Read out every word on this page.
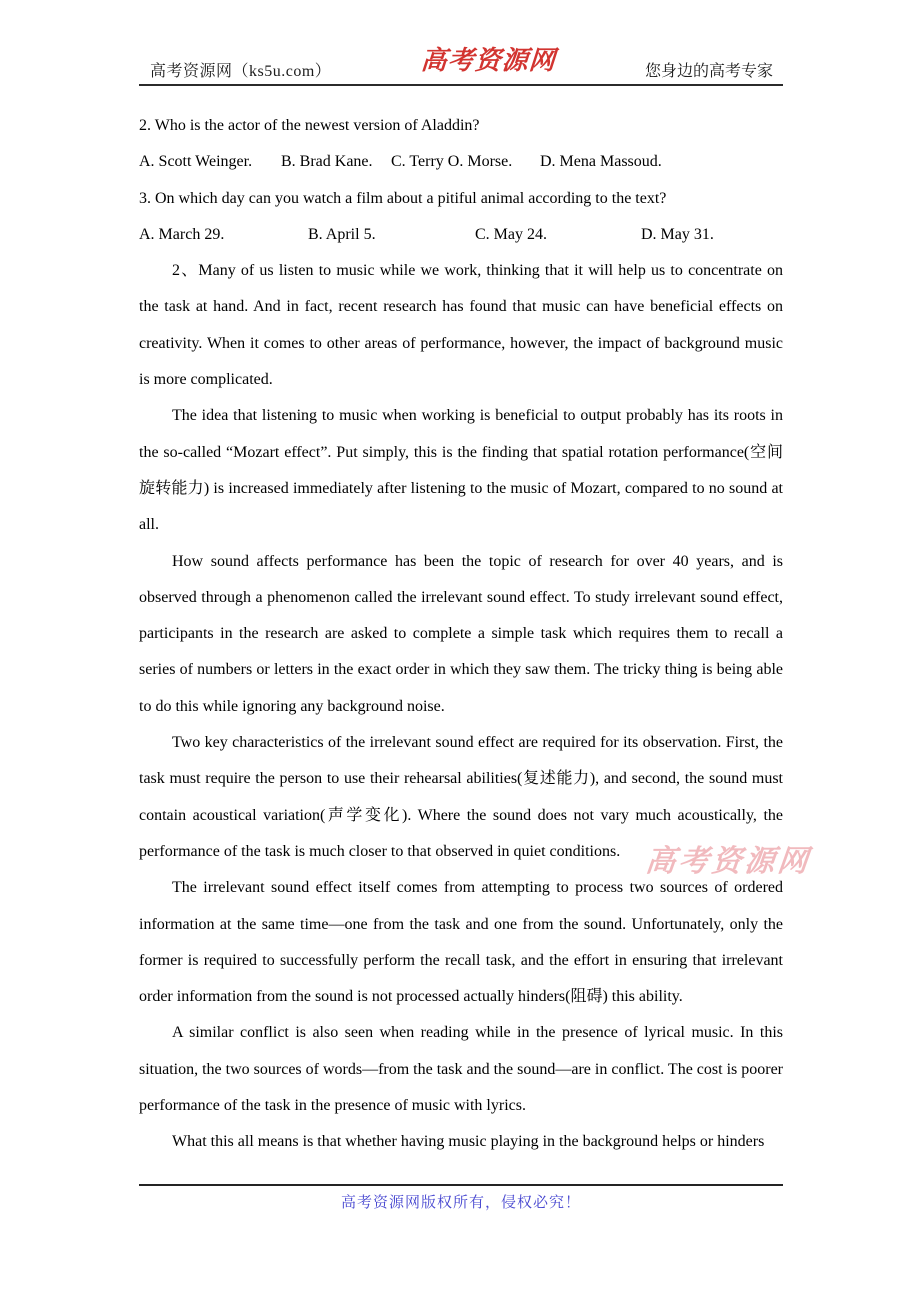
高考资源网（ks5u.com）	高考资源网	您身边的高考专家
2. Who is the actor of the newest version of Aladdin?
A. Scott Weinger.	B. Brad Kane.	C. Terry O. Morse.	D. Mena Massoud.
3. On which day can you watch a film about a pitiful animal according to the text?
A. March 29.	B. April 5.	C. May 24.	D. May 31.

2、Many of us listen to music while we work, thinking that it will help us to concentrate on the task at hand. And in fact, recent research has found that music can have beneficial effects on creativity. When it comes to other areas of performance, however, the impact of background music is more complicated.

The idea that listening to music when working is beneficial to output probably has its roots in the so-called “Mozart effect”. Put simply, this is the finding that spatial rotation performance(空间旋转能力) is increased immediately after listening to the music of Mozart, compared to no sound at all.

How sound affects performance has been the topic of research for over 40 years, and is observed through a phenomenon called the irrelevant sound effect. To study irrelevant sound effect, participants in the research are asked to complete a simple task which requires them to recall a series of numbers or letters in the exact order in which they saw them. The tricky thing is being able to do this while ignoring any background noise.

Two key characteristics of the irrelevant sound effect are required for its observation. First, the task must require the person to use their rehearsal abilities(复述能力), and second, the sound must contain acoustical variation(声学变化). Where the sound does not vary much acoustically, the performance of the task is much closer to that observed in quiet conditions.

The irrelevant sound effect itself comes from attempting to process two sources of ordered information at the same time—one from the task and one from the sound. Unfortunately, only the former is required to successfully perform the recall task, and the effort in ensuring that irrelevant order information from the sound is not processed actually hinders(阻碍) this ability.

A similar conflict is also seen when reading while in the presence of lyrical music. In this situation, the two sources of words—from the task and the sound—are in conflict. The cost is poorer performance of the task in the presence of music with lyrics.

What this all means is that whether having music playing in the background helps or hinders

高考资源网
高考资源网版权所有，侵权必究！
